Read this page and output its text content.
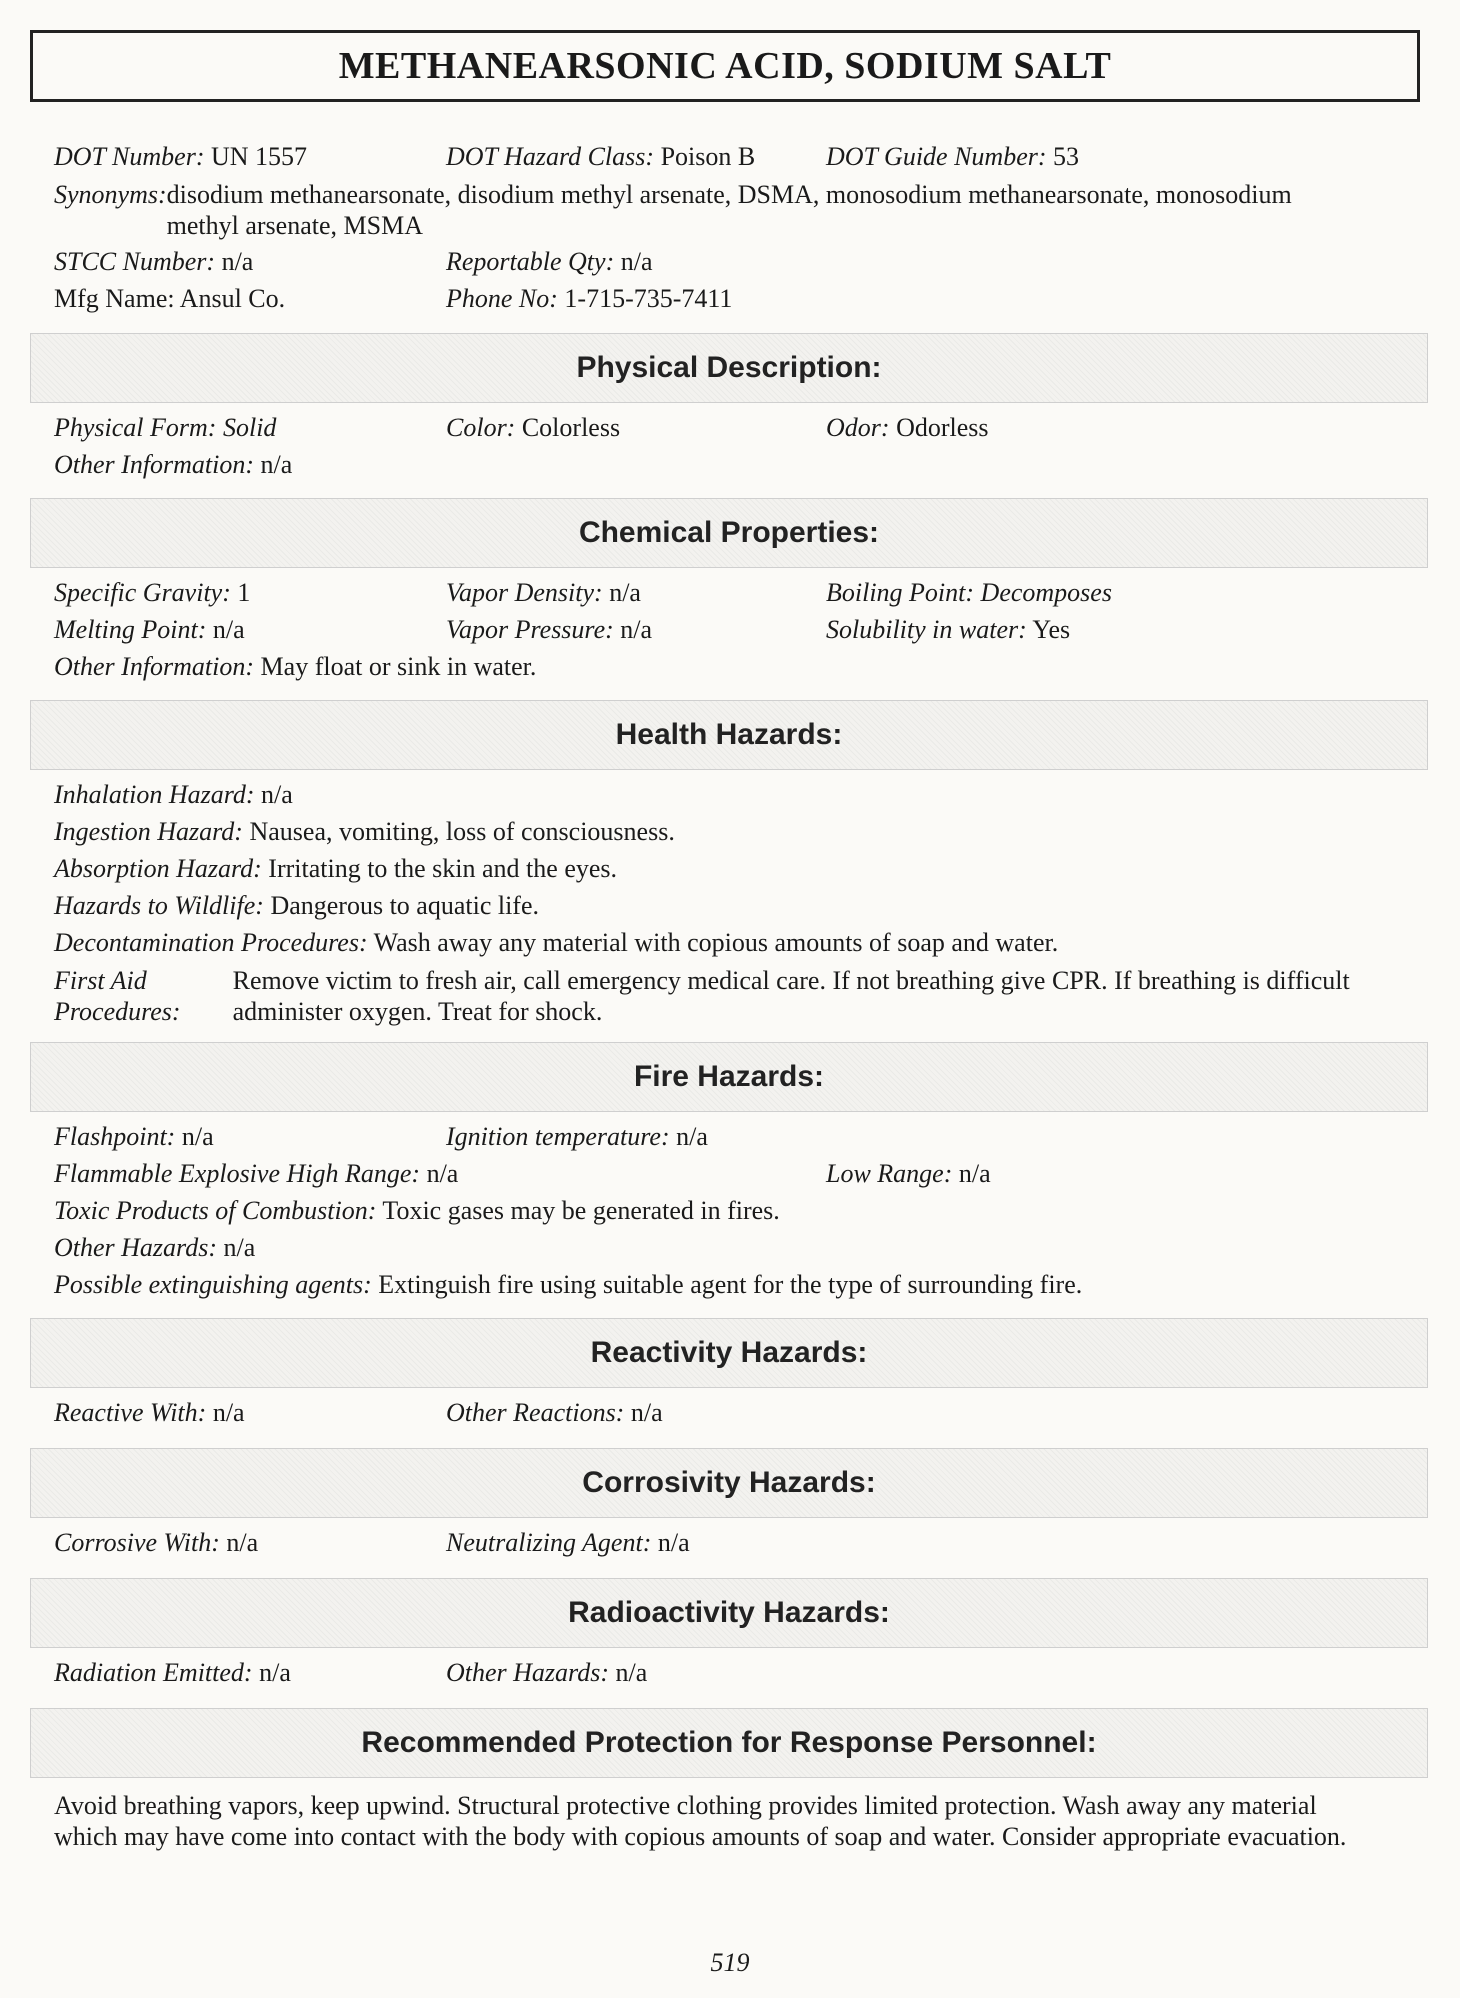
METHANEARSONIC ACID, SODIUM SALT
DOT Number: UN 1557	DOT Hazard Class: Poison B	DOT Guide Number: 53
Synonyms: disodium methanearsonate, disodium methyl arsenate, DSMA, monosodium methanearsonate, monosodium methyl arsenate, MSMA
STCC Number: n/a	Reportable Qty: n/a
Mfg Name: Ansul Co.	Phone No: 1-715-735-7411
Physical Description:
Physical Form: Solid	Color: Colorless	Odor: Odorless
Other Information: n/a
Chemical Properties:
Specific Gravity: 1	Vapor Density: n/a	Boiling Point: Decomposes
Melting Point: n/a	Vapor Pressure: n/a	Solubility in water: Yes
Other Information: May float or sink in water.
Health Hazards:
Inhalation Hazard: n/a
Ingestion Hazard: Nausea, vomiting, loss of consciousness.
Absorption Hazard: Irritating to the skin and the eyes.
Hazards to Wildlife: Dangerous to aquatic life.
Decontamination Procedures: Wash away any material with copious amounts of soap and water.
First Aid Procedures:
Remove victim to fresh air, call emergency medical care. If not breathing give CPR. If breathing is difficult administer oxygen. Treat for shock.
Fire Hazards:
Flashpoint: n/a	Ignition temperature: n/a
Flammable Explosive High Range: n/a	Low Range: n/a
Toxic Products of Combustion: Toxic gases may be generated in fires.
Other Hazards: n/a
Possible extinguishing agents: Extinguish fire using suitable agent for the type of surrounding fire.
Reactivity Hazards:
Reactive With: n/a	Other Reactions: n/a
Corrosivity Hazards:
Corrosive With: n/a	Neutralizing Agent: n/a
Radioactivity Hazards:
Radiation Emitted: n/a	Other Hazards: n/a
Recommended Protection for Response Personnel:
Avoid breathing vapors, keep upwind. Structural protective clothing provides limited protection. Wash away any material which may have come into contact with the body with copious amounts of soap and water. Consider appropriate evacuation.
519
